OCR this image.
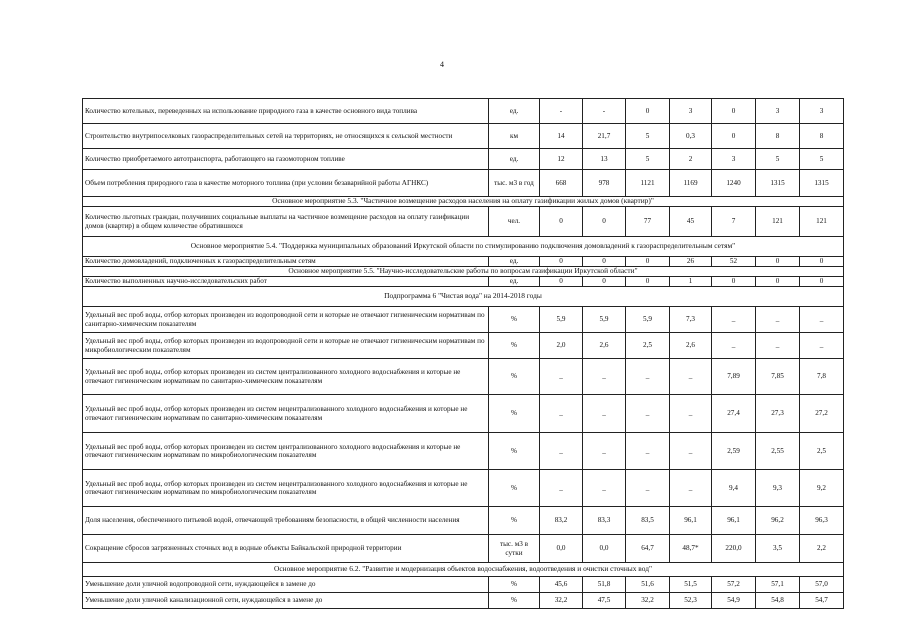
4
Количество котельных, переведенных на использование природного газа в качестве основного вида топлива	ед.	-	-	0	3	0	3	3
Строительство внутрипоселковых газораспределительных сетей на территориях, не относящихся к сельской местности	км	14	21,7	5	0,3	0	8	8
Количество приобретаемого автотранспорта, работающего на газомоторном топливе	ед.	12	13	5	2	3	5	5
Объем потребления природного газа в качестве моторного топлива (при условии безаварийной работы АГНКС)	тыс. м3 в год	668	978	1121	1169	1240	1315	1315
Основное мероприятие 5.3. "Частичное возмещение расходов населения на оплату газификации жилых домов (квартир)"								
Количество льготных граждан, получивших социальные выплаты на частичное возмещение расходов на оплату газификации домов (квартир) в общем количестве обратившихся	чел.	0	0	77	45	7	121	121
Основное мероприятие 5.4. "Поддержка муниципальных образований Иркутской области по стимулированию подключения домовладений к газораспределительным сетям"								
Количество домовладений, подключенных к газораспределительным сетям	ед.	0	0	0	26	52	0	0
Основное мероприятие 5.5. "Научно-исследовательские работы по вопросам газификации Иркутской области"								
Количество выполненных научно-исследовательских работ	ед.	0	0	0	1	0	0	0
Подпрограмма 6 "Чистая вода" на 2014-2018 годы								
Удельный вес проб воды, отбор которых произведен из водопроводной сети и которые не отвечают гигиеническим нормативам по санитарно-химическим показателям	%	5,9	5,9	5,9	7,3	_	_	_
Удельный вес проб воды, отбор которых произведен из водопроводной сети и которые не отвечают гигиеническим нормативам по микробиологическим показателям	%	2,0	2,6	2,5	2,6	_	_	_
Удельный вес проб воды, отбор которых произведен из систем централизованного холодного водоснабжения и которые не отвечают гигиеническим нормативам по санитарно-химическим показателям	%	_	_	_	_	7,89	7,85	7,8
Удельный вес проб воды, отбор которых произведен из систем нецентрализованного холодного водоснабжения и которые не отвечают гигиеническим нормативам по санитарно-химическим показателям	%	_	_	_	_	27,4	27,3	27,2
Удельный вес проб воды, отбор которых произведен из систем централизованного холодного водоснабжения и которые не отвечают гигиеническим нормативам по микробиологическим показателям	%	_	_	_	_	2,59	2,55	2,5
Удельный вес проб воды, отбор которых произведен из систем нецентрализованного холодного водоснабжения и которые не отвечают гигиеническим нормативам по микробиологическим показателям	%	_	_	_	_	9,4	9,3	9,2
Доля населения, обеспеченного питьевой водой, отвечающей требованиям безопасности, в общей численности населения	%	83,2	83,3	83,5	96,1	96,1	96,2	96,3
Сокращение сбросов загрязненных сточных вод в водные объекты Байкальской природной территории	тыс. м3 в сутки	0,0	0,0	64,7	48,7*	220,0	3,5	2,2
Основное мероприятие 6.2. "Развитие и модернизация объектов водоснабжения, водоотведения и очистки сточных вод"								
Уменьшение доли уличной водопроводной сети, нуждающейся в замене до	%	45,6	51,8	51,6	51,5	57,2	57,1	57,0
Уменьшение доли уличной канализационной сети, нуждающейся в замене до	%	32,2	47,5	32,2	52,3	54,9	54,8	54,7
